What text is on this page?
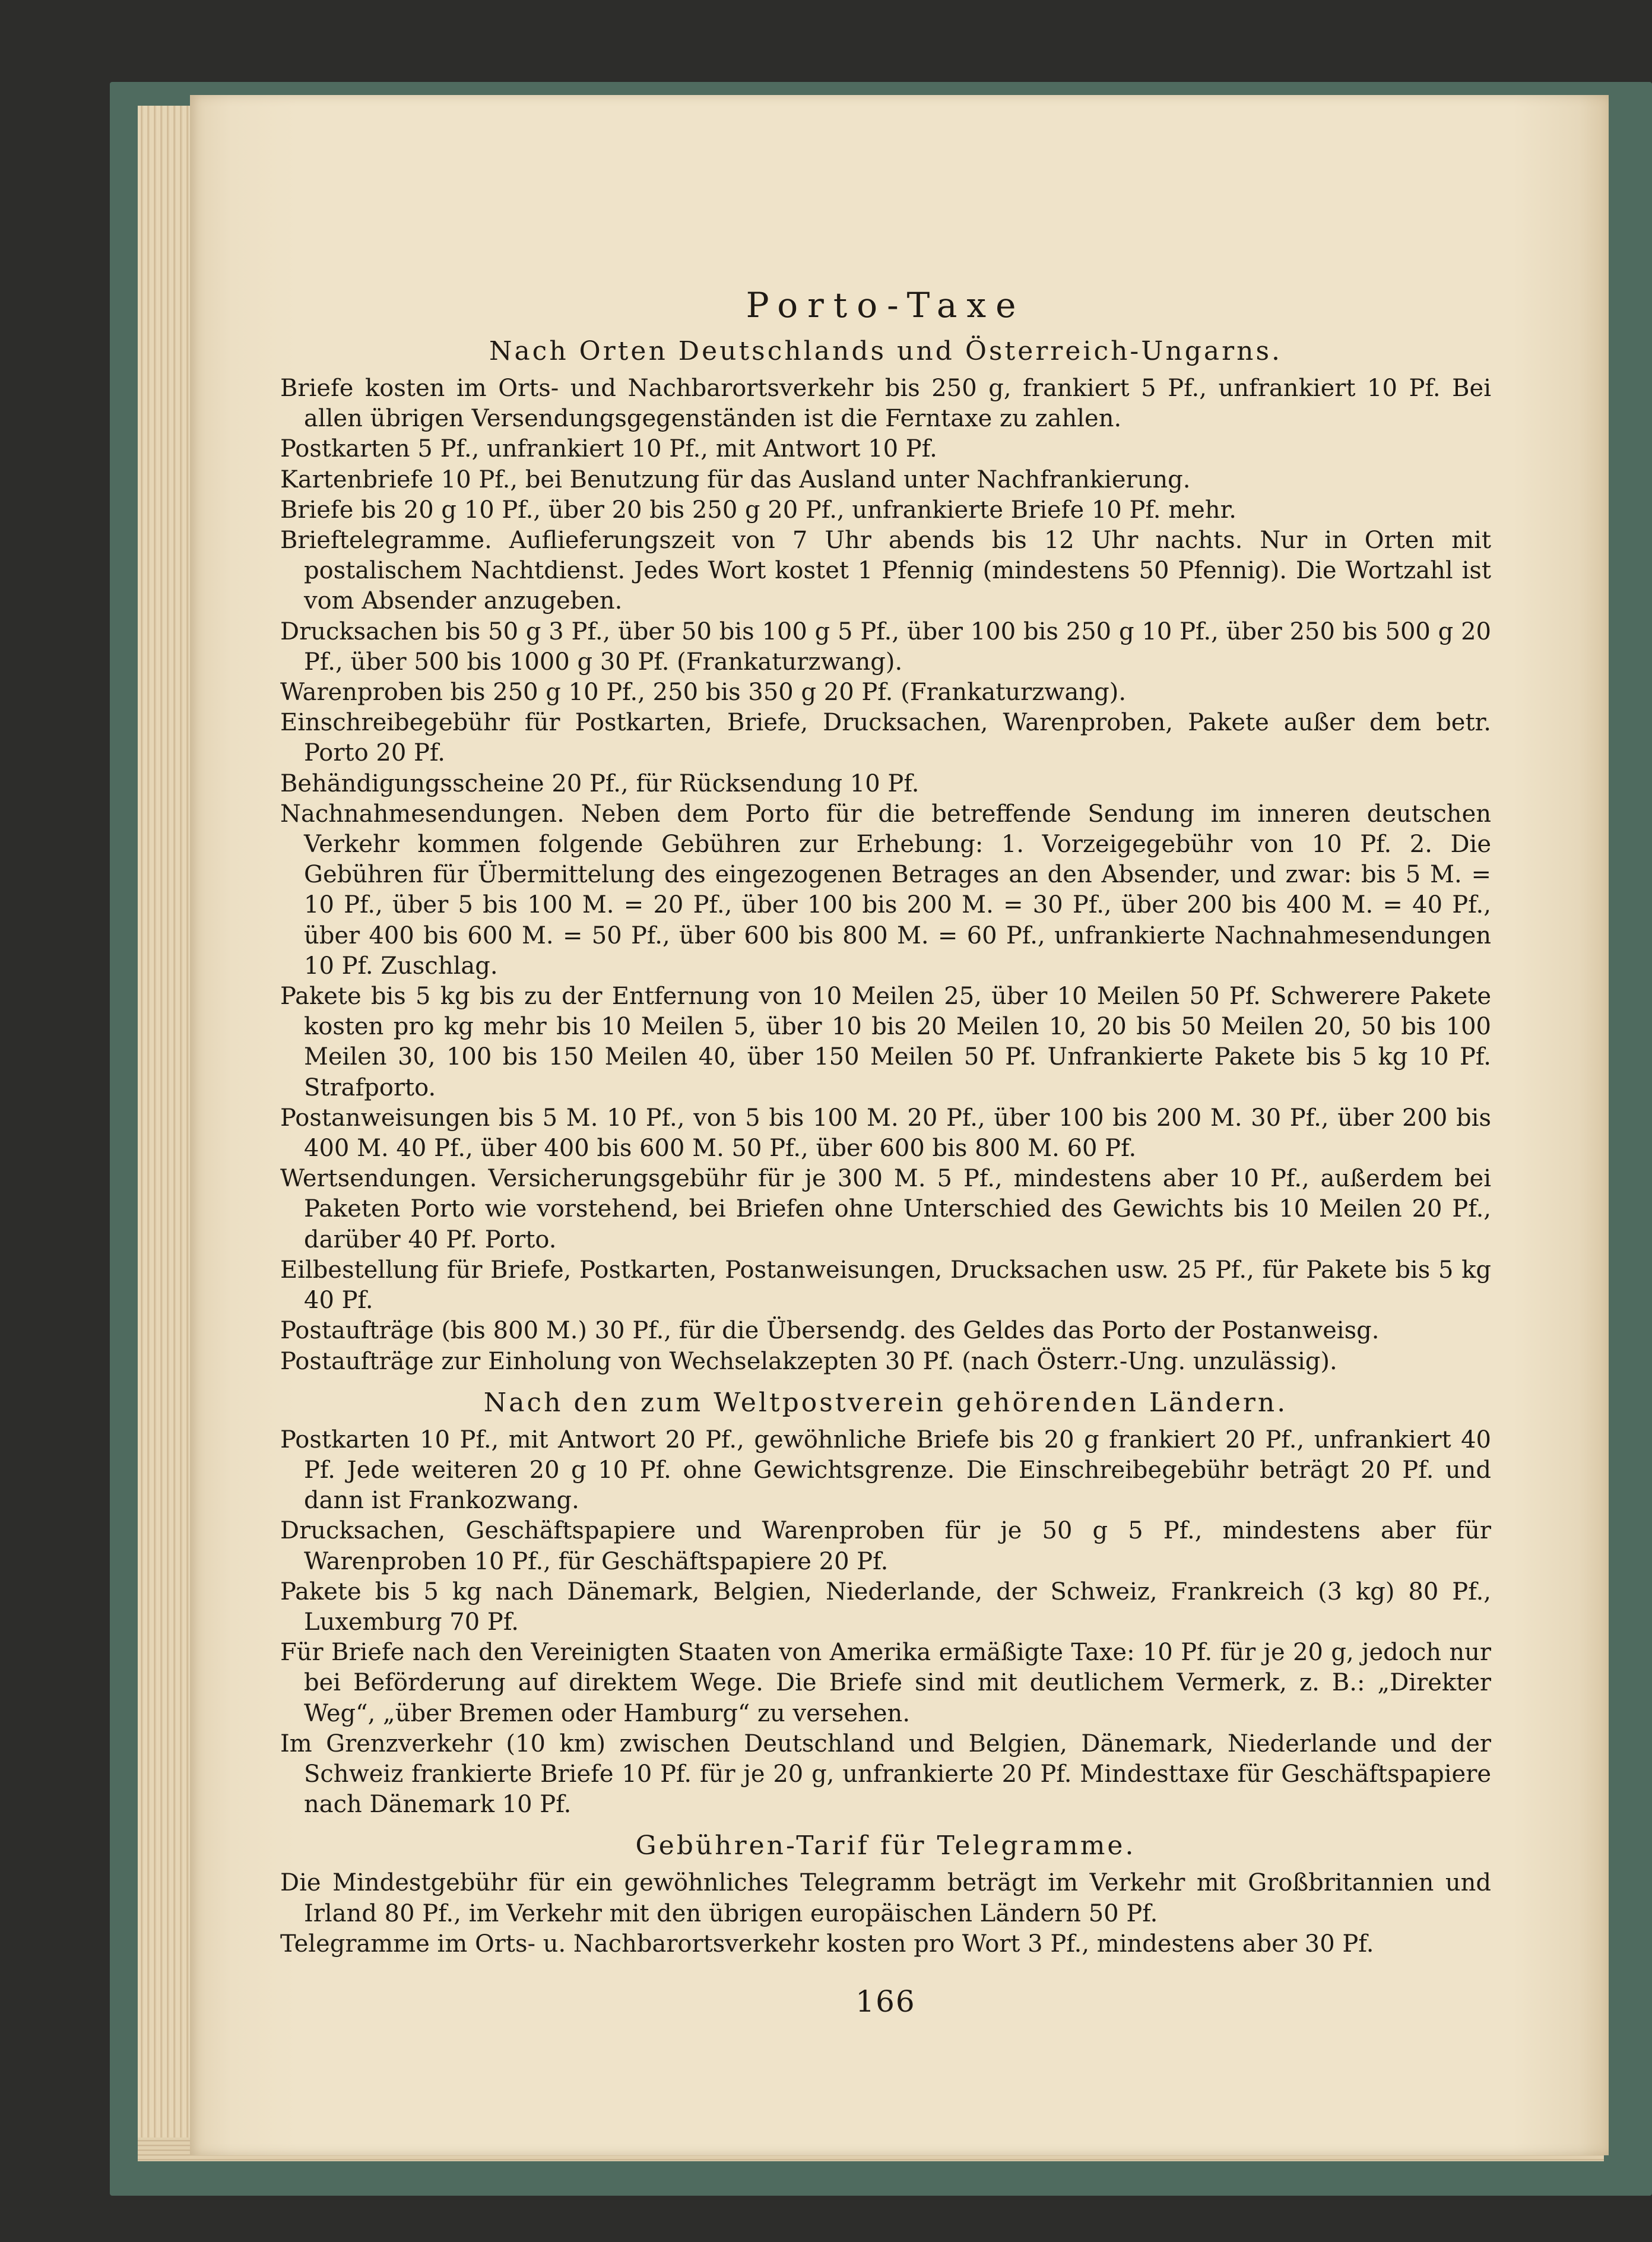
Porto-Taxe
Nach Orten Deutschlands und Österreich-Ungarns.

Briefe kosten im Orts- und Nachbarortsverkehr bis 250 g, frankiert 5 Pf., unfrankiert 10 Pf. Bei allen übrigen Versendungsgegenständen ist die Ferntaxe zu zahlen.

Postkarten 5 Pf., unfrankiert 10 Pf., mit Antwort 10 Pf.

Kartenbriefe 10 Pf., bei Benutzung für das Ausland unter Nachfrankierung.

Briefe bis 20 g 10 Pf., über 20 bis 250 g 20 Pf., unfrankierte Briefe 10 Pf. mehr.

Brieftelegramme. Auflieferungszeit von 7 Uhr abends bis 12 Uhr nachts. Nur in Orten mit postalischem Nachtdienst. Jedes Wort kostet 1 Pfennig (mindestens 50 Pfennig). Die Wortzahl ist vom Absender anzugeben.

Drucksachen bis 50 g 3 Pf., über 50 bis 100 g 5 Pf., über 100 bis 250 g 10 Pf., über 250 bis 500 g 20 Pf., über 500 bis 1000 g 30 Pf. (Frankaturzwang).

Warenproben bis 250 g 10 Pf., 250 bis 350 g 20 Pf. (Frankaturzwang).

Einschreibegebühr für Postkarten, Briefe, Drucksachen, Warenproben, Pakete außer dem betr. Porto 20 Pf.

Behändigungsscheine 20 Pf., für Rücksendung 10 Pf.

Nachnahmesendungen. Neben dem Porto für die betreffende Sendung im inneren deutschen Verkehr kommen folgende Gebühren zur Erhebung: 1. Vorzeigegebühr von 10 Pf. 2. Die Gebühren für Übermittelung des eingezogenen Betrages an den Absender, und zwar: bis 5 M. = 10 Pf., über 5 bis 100 M. = 20 Pf., über 100 bis 200 M. = 30 Pf., über 200 bis 400 M. = 40 Pf., über 400 bis 600 M. = 50 Pf., über 600 bis 800 M. = 60 Pf., unfrankierte Nachnahmesendungen 10 Pf. Zuschlag.

Pakete bis 5 kg bis zu der Entfernung von 10 Meilen 25, über 10 Meilen 50 Pf. Schwerere Pakete kosten pro kg mehr bis 10 Meilen 5, über 10 bis 20 Meilen 10, 20 bis 50 Meilen 20, 50 bis 100 Meilen 30, 100 bis 150 Meilen 40, über 150 Meilen 50 Pf. Unfrankierte Pakete bis 5 kg 10 Pf. Strafporto.

Postanweisungen bis 5 M. 10 Pf., von 5 bis 100 M. 20 Pf., über 100 bis 200 M. 30 Pf., über 200 bis 400 M. 40 Pf., über 400 bis 600 M. 50 Pf., über 600 bis 800 M. 60 Pf.

Wertsendungen. Versicherungsgebühr für je 300 M. 5 Pf., mindestens aber 10 Pf., außerdem bei Paketen Porto wie vorstehend, bei Briefen ohne Unterschied des Gewichts bis 10 Meilen 20 Pf., darüber 40 Pf. Porto.

Eilbestellung für Briefe, Postkarten, Postanweisungen, Drucksachen usw. 25 Pf., für Pakete bis 5 kg 40 Pf.

Postaufträge (bis 800 M.) 30 Pf., für die Übersendg. des Geldes das Porto der Postanweisg.

Postaufträge zur Einholung von Wechselakzepten 30 Pf. (nach Österr.-Ung. unzulässig).

Nach den zum Weltpostverein gehörenden Ländern.

Postkarten 10 Pf., mit Antwort 20 Pf., gewöhnliche Briefe bis 20 g frankiert 20 Pf., unfrankiert 40 Pf. Jede weiteren 20 g 10 Pf. ohne Gewichtsgrenze. Die Einschreibegebühr beträgt 20 Pf. und dann ist Frankozwang.

Drucksachen, Geschäftspapiere und Warenproben für je 50 g 5 Pf., mindestens aber für Warenproben 10 Pf., für Geschäftspapiere 20 Pf.

Pakete bis 5 kg nach Dänemark, Belgien, Niederlande, der Schweiz, Frankreich (3 kg) 80 Pf., Luxemburg 70 Pf.

Für Briefe nach den Vereinigten Staaten von Amerika ermäßigte Taxe: 10 Pf. für je 20 g, jedoch nur bei Beförderung auf direktem Wege. Die Briefe sind mit deutlichem Vermerk, z. B.: „Direkter Weg“, „über Bremen oder Hamburg“ zu versehen.

Im Grenzverkehr (10 km) zwischen Deutschland und Belgien, Dänemark, Niederlande und der Schweiz frankierte Briefe 10 Pf. für je 20 g, unfrankierte 20 Pf. Mindesttaxe für Geschäftspapiere nach Dänemark 10 Pf.

Gebühren-Tarif für Telegramme.

Die Mindestgebühr für ein gewöhnliches Telegramm beträgt im Verkehr mit Großbritannien und Irland 80 Pf., im Verkehr mit den übrigen europäischen Ländern 50 Pf.

Telegramme im Orts- u. Nachbarortsverkehr kosten pro Wort 3 Pf., mindestens aber 30 Pf.

166
